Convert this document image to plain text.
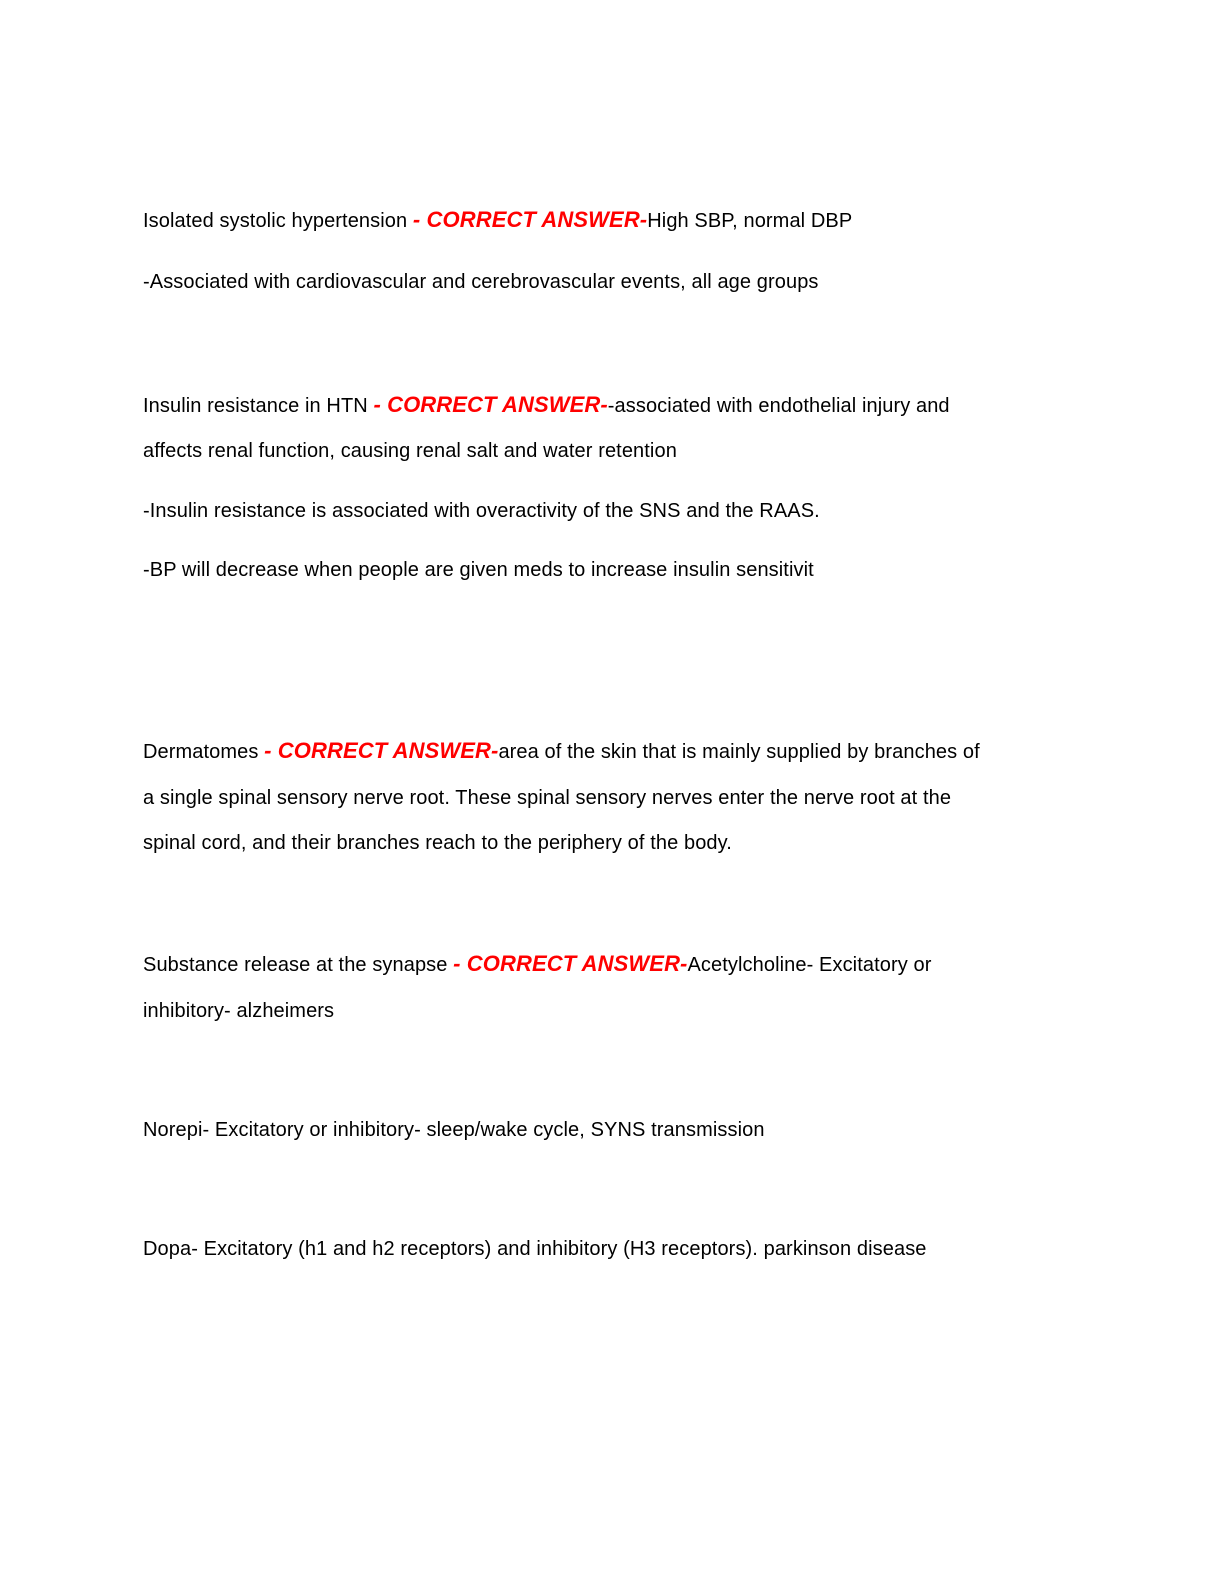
Isolated systolic hypertension - CORRECT ANSWER-High SBP, normal DBP
-Associated with cardiovascular and cerebrovascular events, all age groups
Insulin resistance in HTN - CORRECT ANSWER--associated with endothelial injury and
affects renal function, causing renal salt and water retention
-Insulin resistance is associated with overactivity of the SNS and the RAAS.
-BP will decrease when people are given meds to increase insulin sensitivit
Dermatomes - CORRECT ANSWER-area of the skin that is mainly supplied by branches of
a single spinal sensory nerve root. These spinal sensory nerves enter the nerve root at the
spinal cord, and their branches reach to the periphery of the body.
Substance release at the synapse - CORRECT ANSWER-Acetylcholine- Excitatory or
inhibitory- alzheimers
Norepi- Excitatory or inhibitory- sleep/wake cycle, SYNS transmission
Dopa- Excitatory (h1 and h2 receptors) and inhibitory (H3 receptors). parkinson disease
